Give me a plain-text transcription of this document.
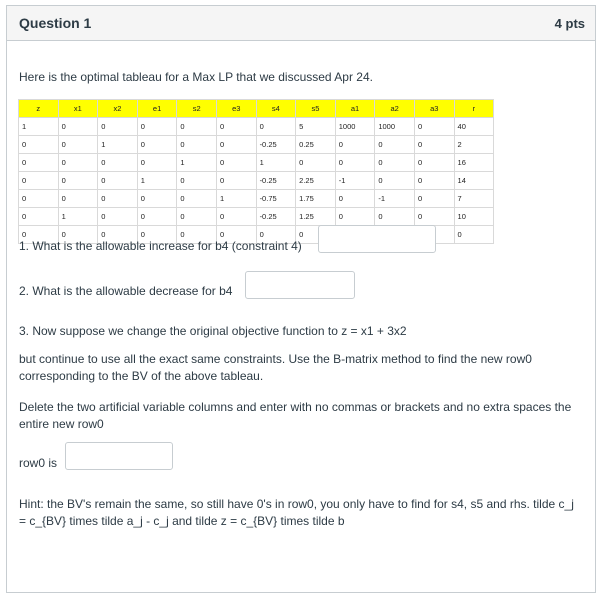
Question 1	4 pts

Here is the optimal tableau for a Max LP that we discussed Apr 24.

z	x1	x2	e1	s2	e3	s4	s5	a1	a2	a3	r
1	0	0	0	0	0	0	5	1000	1000	0	40
0	0	1	0	0	0	-0.25	0.25	0	0	0	2
0	0	0	0	1	0	1	0	0	0	0	16
0	0	0	1	0	0	-0.25	2.25	-1	0	0	14
0	0	0	0	0	1	-0.75	1.75	0	-1	0	7
0	1	0	0	0	0	-0.25	1.25	0	0	0	10
0	0	0	0	0	0	0	0				0

1. What is the allowable increase for b4 (constraint 4)

2. What is the allowable decrease for b4

3. Now suppose we change the original objective function to z = x1 + 3x2

but continue to use all the exact same constraints. Use the B-matrix method to find the new row0 corresponding to the BV of the above tableau.

Delete the two artificial variable columns and enter with no commas or brackets and no extra spaces the entire new row0

row0 is

Hint: the BV's remain the same, so still have 0's in row0, you only have to find for s4, s5 and rhs. tilde c_j = c_{BV} times tilde a_j - c_j and tilde z = c_{BV} times tilde b
